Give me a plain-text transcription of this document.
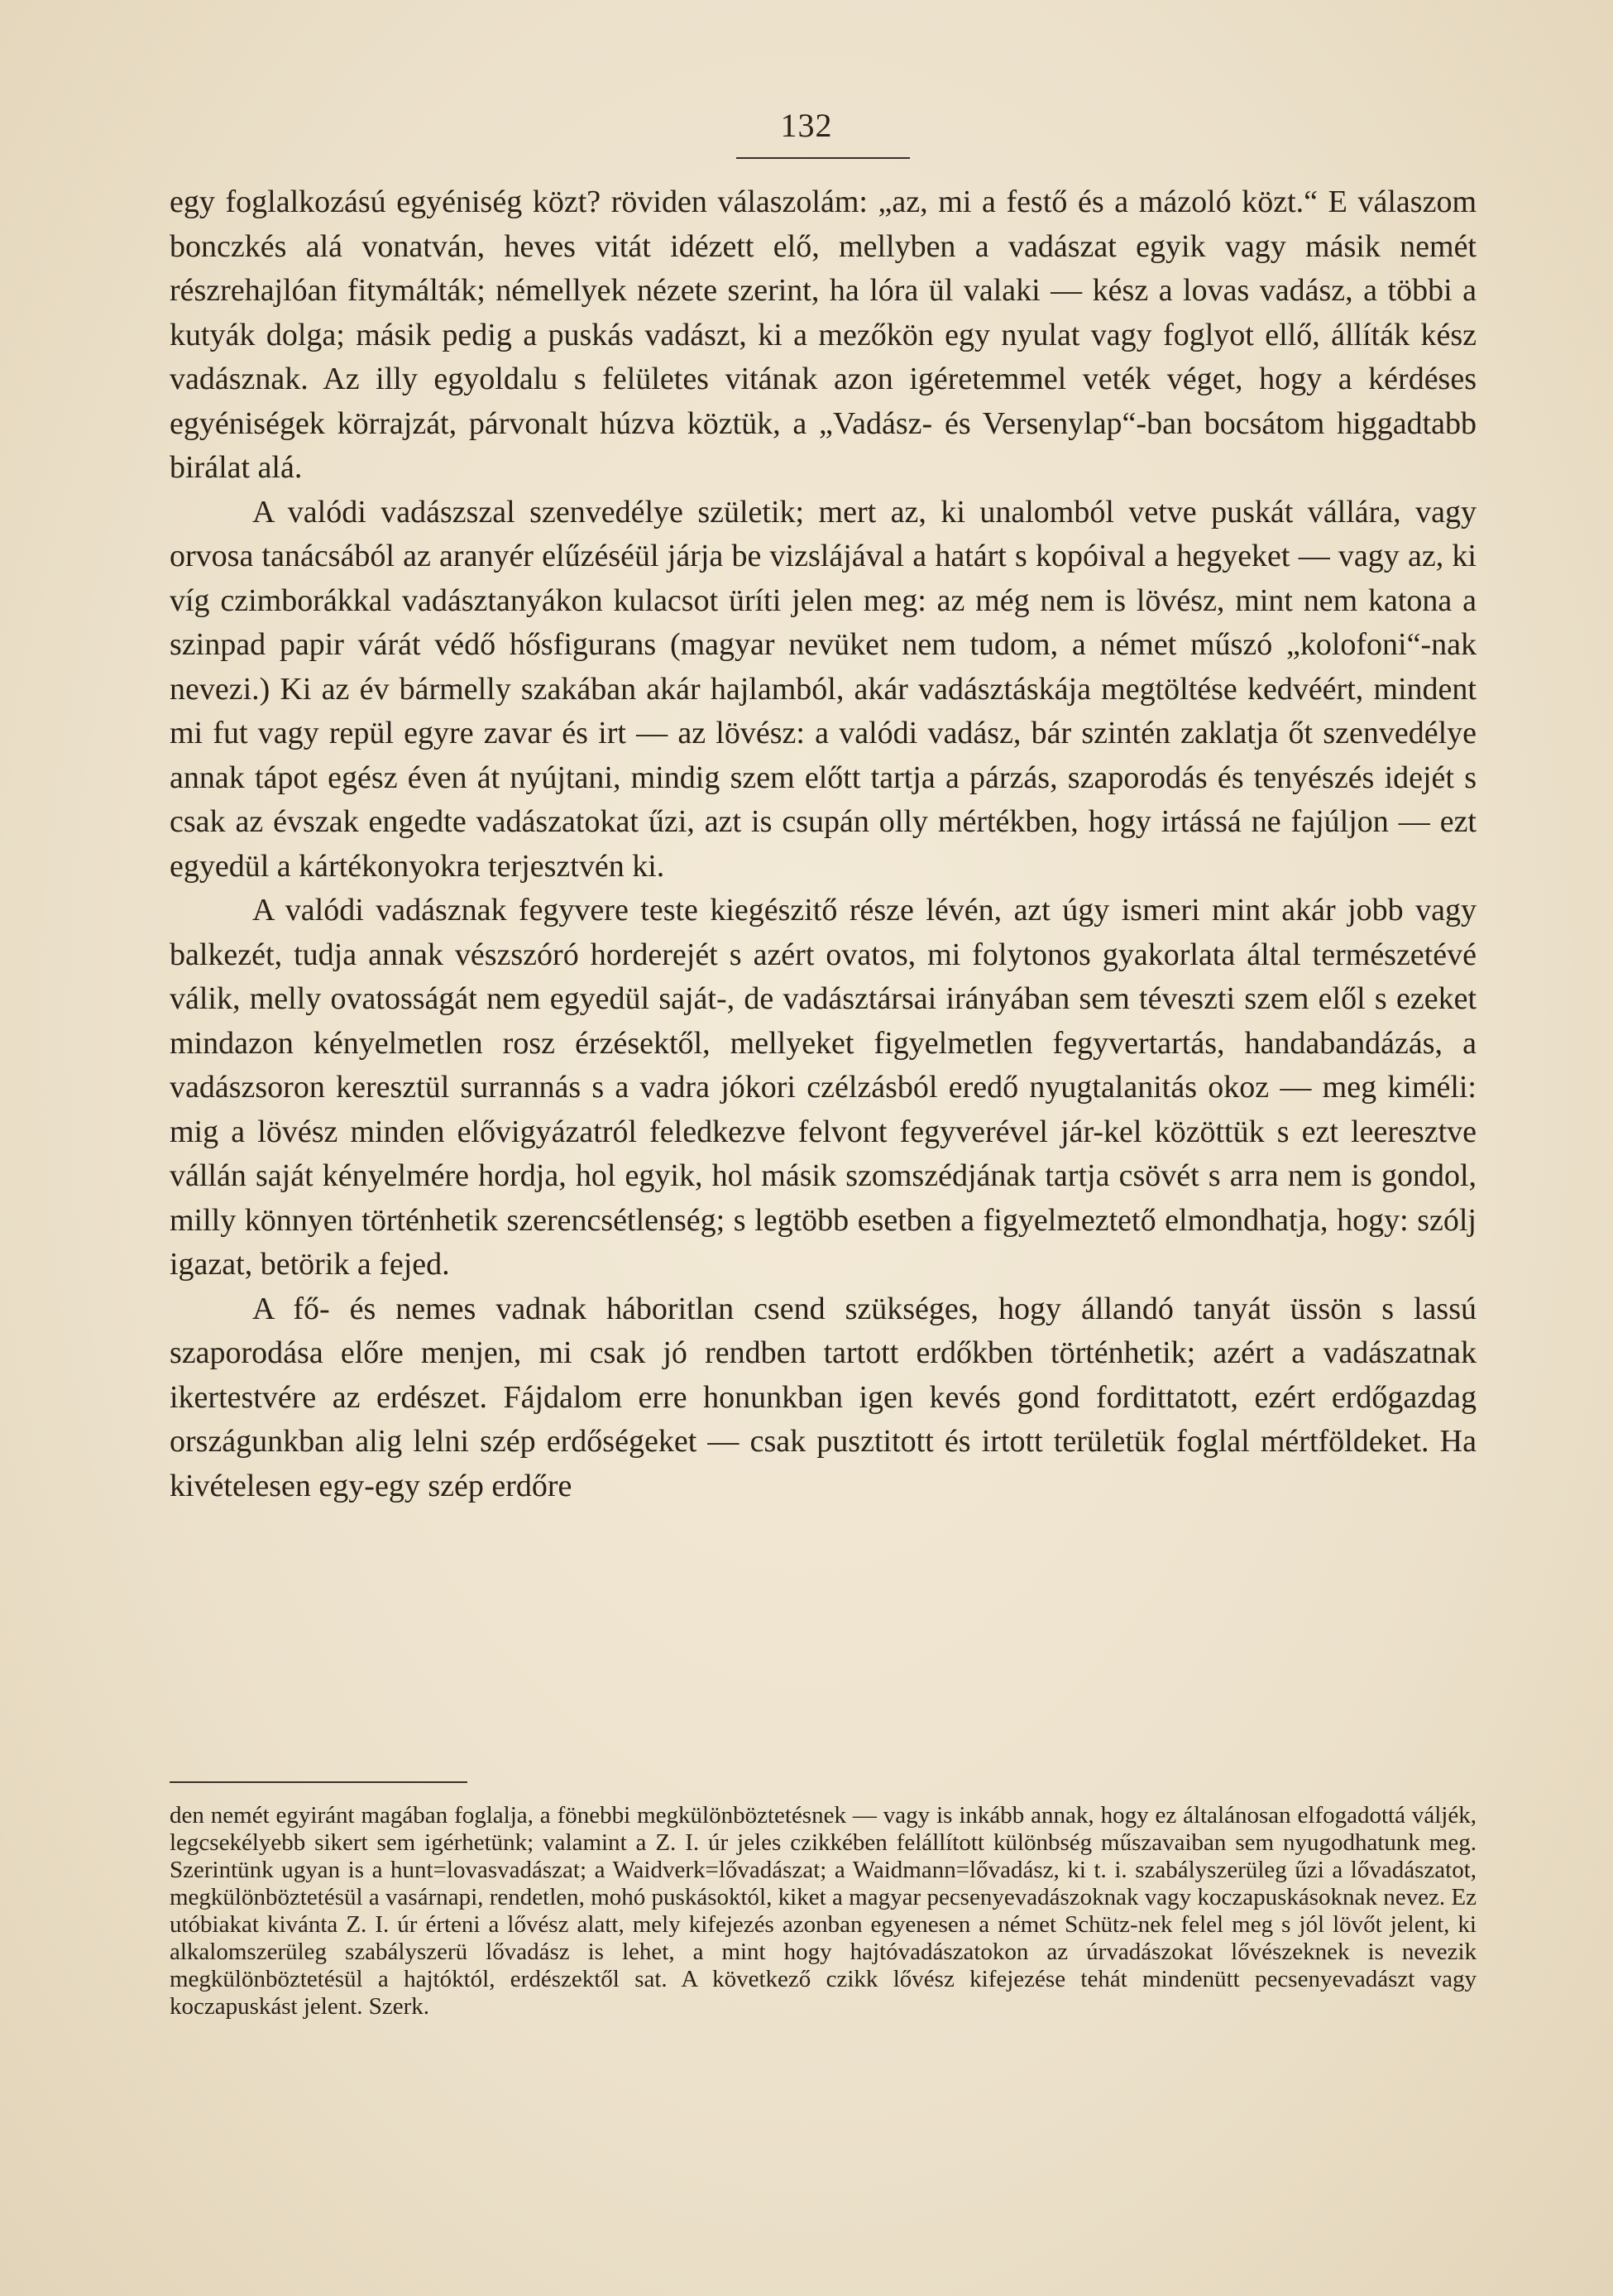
132

egy foglalkozású egyéniség közt? röviden válaszolám: „az, mi a festő és a mázoló közt.“ E válaszom bonczkés alá vonatván, heves vitát idézett elő, mellyben a vadászat egyik vagy másik nemét részrehajlóan fitymálták; némellyek nézete szerint, ha lóra ül valaki — kész a lovas vadász, a többi a kutyák dolga; másik pedig a puskás vadászt, ki a mezőkön egy nyulat vagy foglyot ellő, állíták kész vadásznak. Az illy egyoldalu s felületes vitának azon igéretemmel veték véget, hogy a kérdéses egyéniségek körrajzát, párvonalt húzva köztük, a „Vadász- és Versenylap“-ban bocsátom higgadtabb birálat alá.

A valódi vadászszal szenvedélye születik; mert az, ki unalomból vetve puskát vállára, vagy orvosa tanácsából az aranyér elűzéséül járja be vizslájával a határt s kopóival a hegyeket — vagy az, ki víg czimborákkal vadásztanyákon kulacsot üríti jelen meg: az még nem is lövész, mint nem katona a szinpad papir várát védő hősfigurans (magyar nevüket nem tudom, a német műszó „kolofoni“-nak nevezi.) Ki az év bármelly szakában akár hajlamból, akár vadásztáskája megtöltése kedvéért, mindent mi fut vagy repül egyre zavar és irt — az lövész: a valódi vadász, bár szintén zaklatja őt szenvedélye annak tápot egész éven át nyújtani, mindig szem előtt tartja a párzás, szaporodás és tenyészés idejét s csak az évszak engedte vadászatokat űzi, azt is csupán olly mértékben, hogy irtássá ne fajúljon — ezt egyedül a kártékonyokra terjesztvén ki.

A valódi vadásznak fegyvere teste kiegészitő része lévén, azt úgy ismeri mint akár jobb vagy balkezét, tudja annak vészszóró horderejét s azért ovatos, mi folytonos gyakorlata által természetévé válik, melly ovatosságát nem egyedül saját-, de vadásztársai irányában sem téveszti szem elől s ezeket mindazon kényelmetlen rosz érzésektől, mellyeket figyelmetlen fegyvertartás, handabandázás, a vadászsoron keresztül surrannás s a vadra jókori czélzásból eredő nyugtalanitás okoz — meg kiméli: mig a lövész minden elővigyázatról feledkezve felvont fegyverével jár-kel közöttük s ezt leeresztve vállán saját kényelmére hordja, hol egyik, hol másik szomszédjának tartja csövét s arra nem is gondol, milly könnyen történhetik szerencsétlenség; s legtöbb esetben a figyelmeztető elmondhatja, hogy: szólj igazat, betörik a fejed.

A fő- és nemes vadnak háboritlan csend szükséges, hogy állandó tanyát üssön s lassú szaporodása előre menjen, mi csak jó rendben tartott erdőkben történhetik; azért a vadászatnak ikertestvére az erdészet. Fájdalom erre honunkban igen kevés gond fordittatott, ezért erdőgazdag országunkban alig lelni szép erdőségeket — csak pusztitott és irtott területük foglal mértföldeket. Ha kivételesen egy-egy szép erdőre

den nemét egyiránt magában foglalja, a fönebbi megkülönböztetésnek — vagy is inkább annak, hogy ez általánosan elfogadottá váljék, legcsekélyebb sikert sem igérhetünk; valamint a Z. I. úr jeles czikkében felállított különbség műszavaiban sem nyugodhatunk meg. Szerintünk ugyan is a hunt=lovasvadászat; a Waidverk=lővadászat; a Waidmann=lővadász, ki t. i. szabályszerüleg űzi a lővadászatot, megkülönböztetésül a vasárnapi, rendetlen, mohó puskásoktól, kiket a magyar pecsenyevadászoknak vagy koczapuskásoknak nevez. Ez utóbiakat kivánta Z. I. úr érteni a lővész alatt, mely kifejezés azonban egyenesen a német Schütz-nek felel meg s jól lövőt jelent, ki alkalomszerüleg szabályszerü lővadász is lehet, a mint hogy hajtóvadászatokon az úrvadászokat lővészeknek is nevezik megkülönböztetésül a hajtóktól, erdészektől sat. A következő czikk lővész kifejezése tehát mindenütt pecsenyevadászt vagy koczapuskást jelent. Szerk.
